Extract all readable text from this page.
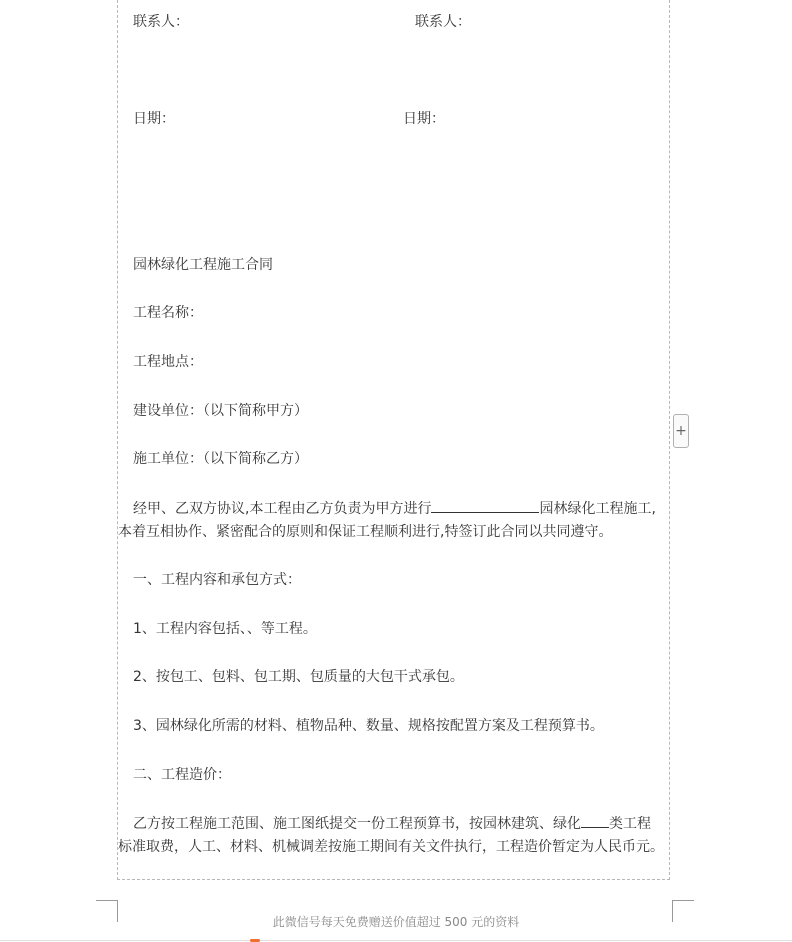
联系人：	联系人：
日期：	日期：
园林绿化工程施工合同
工程名称：
工程地点：
建设单位：（以下简称甲方）
施工单位：（以下简称乙方）
经甲、乙双方协议,本工程由乙方负责为甲方进行	园林绿化工程施工,
本着互相协作、紧密配合的原则和保证工程顺利进行,特签订此合同以共同遵守。
一、工程内容和承包方式：
1、工程内容包括、、等工程。
2、按包工、包料、包工期、包质量的大包干式承包。
3、园林绿化所需的材料、植物品种、数量、规格按配置方案及工程预算书。
二、工程造价：
乙方按工程施工范围、施工图纸提交一份工程预算书，按园林建筑、绿化 类工程
标准取费，人工、材料、机械调差按施工期间有关文件执行，工程造价暂定为人民币元。
+
此微信号每天免费赠送价值超过 500 元的资料
